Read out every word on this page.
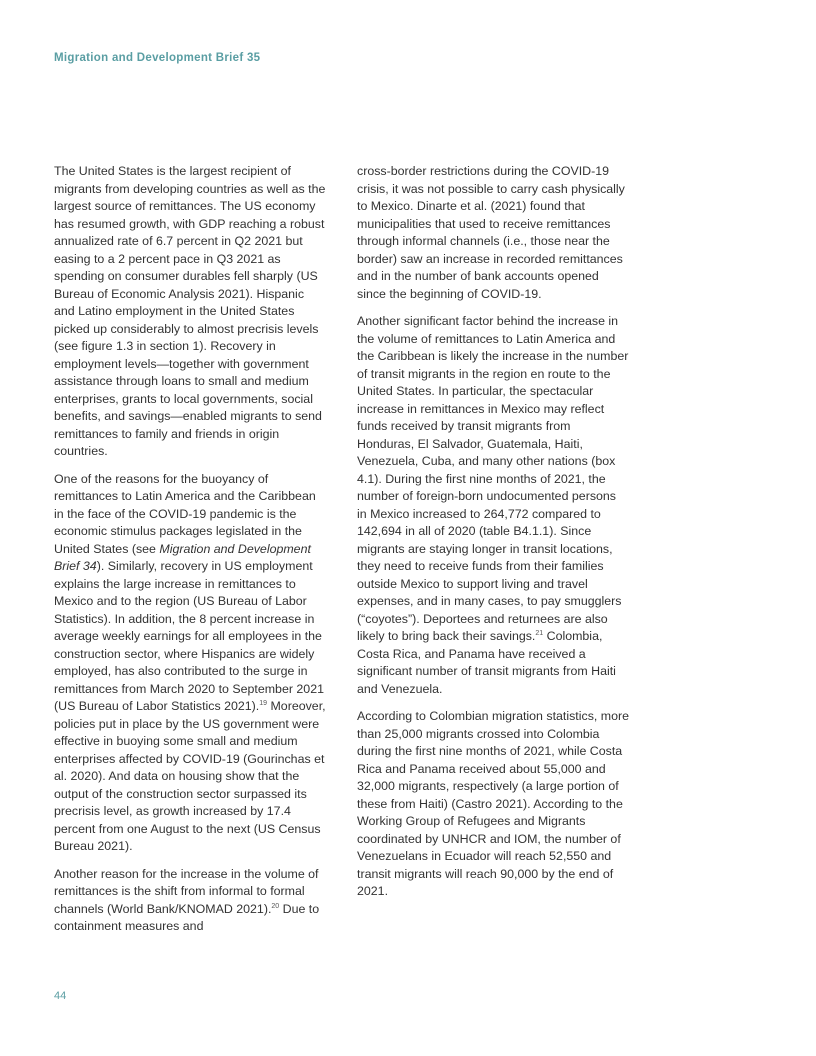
Migration and Development Brief 35

The United States is the largest recipient of migrants from developing countries as well as the largest source of remittances. The US economy has resumed growth, with GDP reaching a robust annualized rate of 6.7 percent in Q2 2021 but easing to a 2 percent pace in Q3 2021 as spending on consumer durables fell sharply (US Bureau of Economic Analysis 2021). Hispanic and Latino employment in the United States picked up considerably to almost precrisis levels (see figure 1.3 in section 1). Recovery in employment levels—together with government assistance through loans to small and medium enterprises, grants to local governments, social benefits, and savings—enabled migrants to send remittances to family and friends in origin countries.

One of the reasons for the buoyancy of remittances to Latin America and the Caribbean in the face of the COVID-19 pandemic is the economic stimulus packages legislated in the United States (see Migration and Development Brief 34). Similarly, recovery in US employment explains the large increase in remittances to Mexico and to the region (US Bureau of Labor Statistics). In addition, the 8 percent increase in average weekly earnings for all employees in the construction sector, where Hispanics are widely employed, has also contributed to the surge in remittances from March 2020 to September 2021 (US Bureau of Labor Statistics 2021).$^{19}$ Moreover, policies put in place by the US government were effective in buoying some small and medium enterprises affected by COVID-19 (Gourinchas et al. 2020). And data on housing show that the output of the construction sector surpassed its precrisis level, as growth increased by 17.4 percent from one August to the next (US Census Bureau 2021).

Another reason for the increase in the volume of remittances is the shift from informal to formal channels (World Bank/KNOMAD 2021).$^{20}$ Due to containment measures and

cross-border restrictions during the COVID-19 crisis, it was not possible to carry cash physically to Mexico. Dinarte et al. (2021) found that municipalities that used to receive remittances through informal channels (i.e., those near the border) saw an increase in recorded remittances and in the number of bank accounts opened since the beginning of COVID-19.

Another significant factor behind the increase in the volume of remittances to Latin America and the Caribbean is likely the increase in the number of transit migrants in the region en route to the United States. In particular, the spectacular increase in remittances in Mexico may reflect funds received by transit migrants from Honduras, El Salvador, Guatemala, Haiti, Venezuela, Cuba, and many other nations (box 4.1). During the first nine months of 2021, the number of foreign-born undocumented persons in Mexico increased to 264,772 compared to 142,694 in all of 2020 (table B4.1.1). Since migrants are staying longer in transit locations, they need to receive funds from their families outside Mexico to support living and travel expenses, and in many cases, to pay smugglers (“coyotes”). Deportees and returnees are also likely to bring back their savings.$^{21}$ Colombia, Costa Rica, and Panama have received a significant number of transit migrants from Haiti and Venezuela.

According to Colombian migration statistics, more than 25,000 migrants crossed into Colombia during the first nine months of 2021, while Costa Rica and Panama received about 55,000 and 32,000 migrants, respectively (a large portion of these from Haiti) (Castro 2021). According to the Working Group of Refugees and Migrants coordinated by UNHCR and IOM, the number of Venezuelans in Ecuador will reach 52,550 and transit migrants will reach 90,000 by the end of 2021.

44
